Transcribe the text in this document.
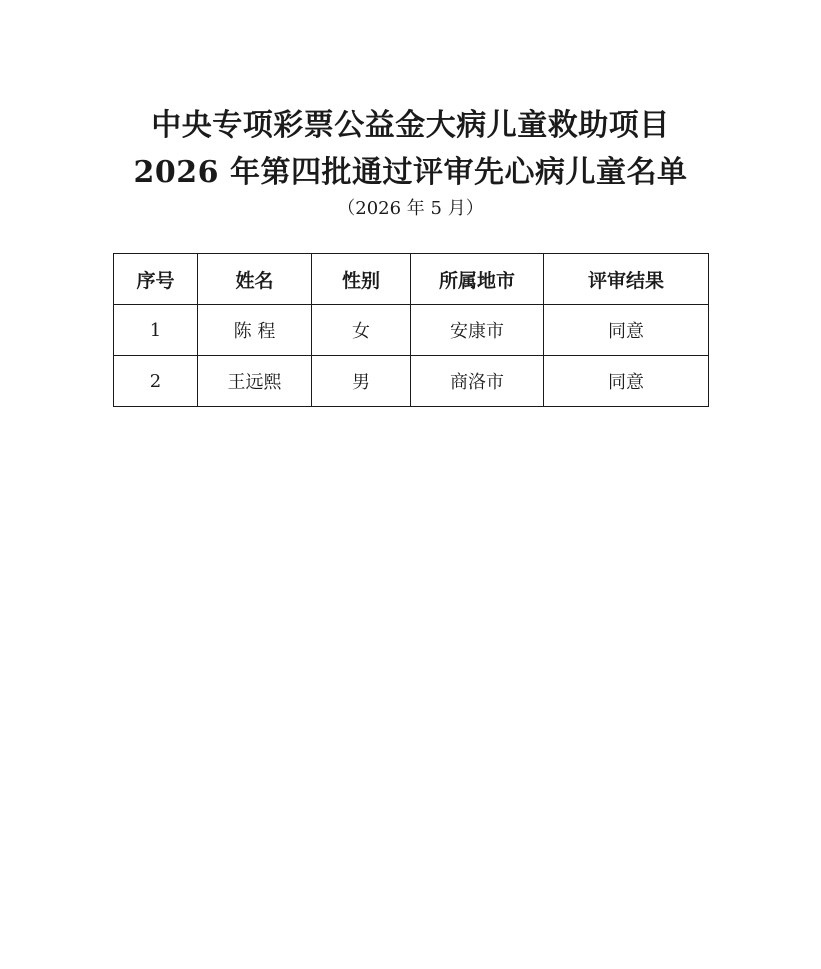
中央专项彩票公益金大病儿童救助项目
2026 年第四批通过评审先心病儿童名单
（2026 年 5 月）
序号	姓名	性别	所属地市	评审结果
1	陈 程	女	安康市	同意
2	王远熙	男	商洛市	同意
